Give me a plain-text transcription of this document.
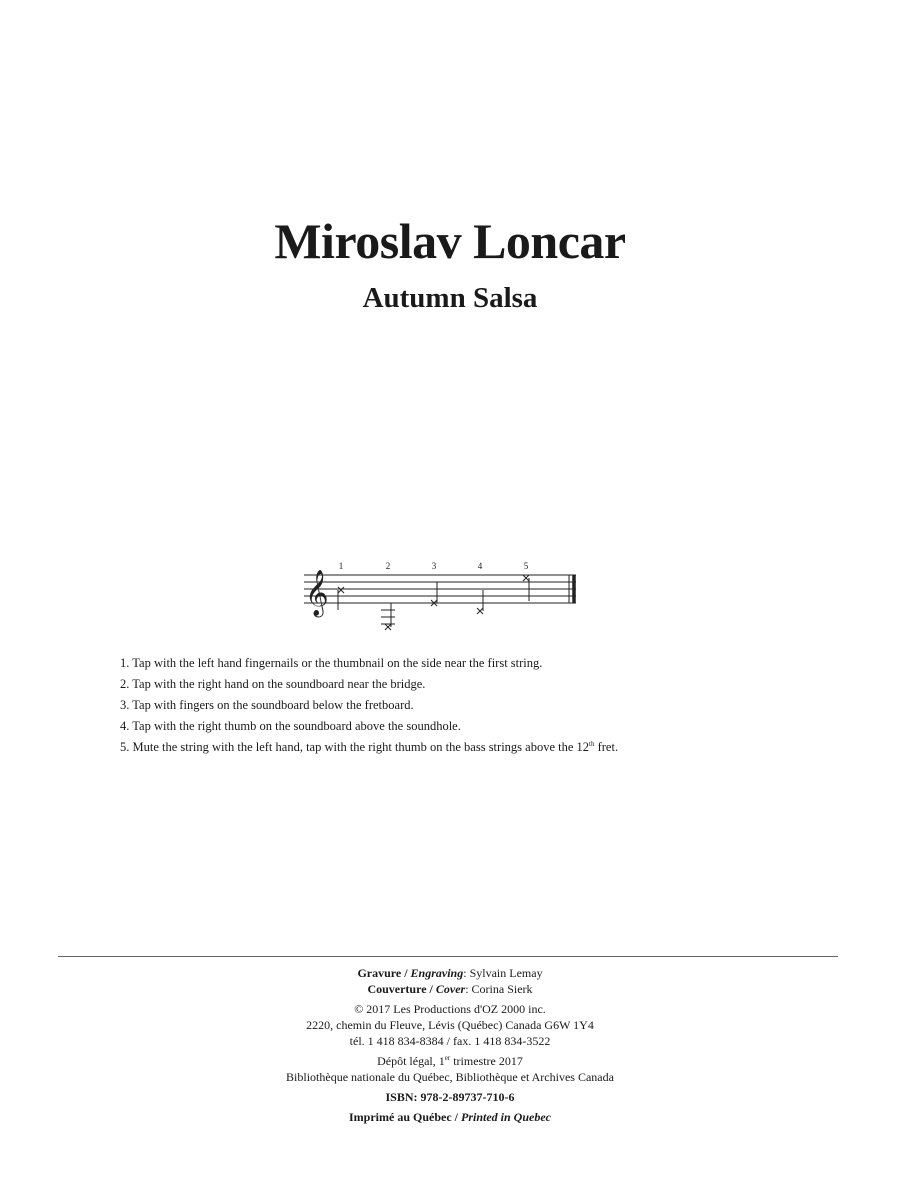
Miroslav Loncar
Autumn Salsa
𝄞
1	2	3	4	5
1. Tap with the left hand fingernails or the thumbnail on the side near the first string.
2. Tap with the right hand on the soundboard near the bridge.
3. Tap with fingers on the soundboard below the fretboard.
4. Tap with the right thumb on the soundboard above the soundhole.
5. Mute the string with the left hand, tap with the right thumb on the bass strings above the 12th fret.
Gravure / Engraving: Sylvain Lemay
Couverture / Cover: Corina Sierk
© 2017 Les Productions d'OZ 2000 inc.
2220, chemin du Fleuve, Lévis (Québec) Canada G6W 1Y4
tél. 1 418 834-8384 / fax. 1 418 834-3522
Dépôt légal, 1er trimestre 2017
Bibliothèque nationale du Québec, Bibliothèque et Archives Canada
ISBN: 978-2-89737-710-6
Imprimé au Québec / Printed in Quebec
